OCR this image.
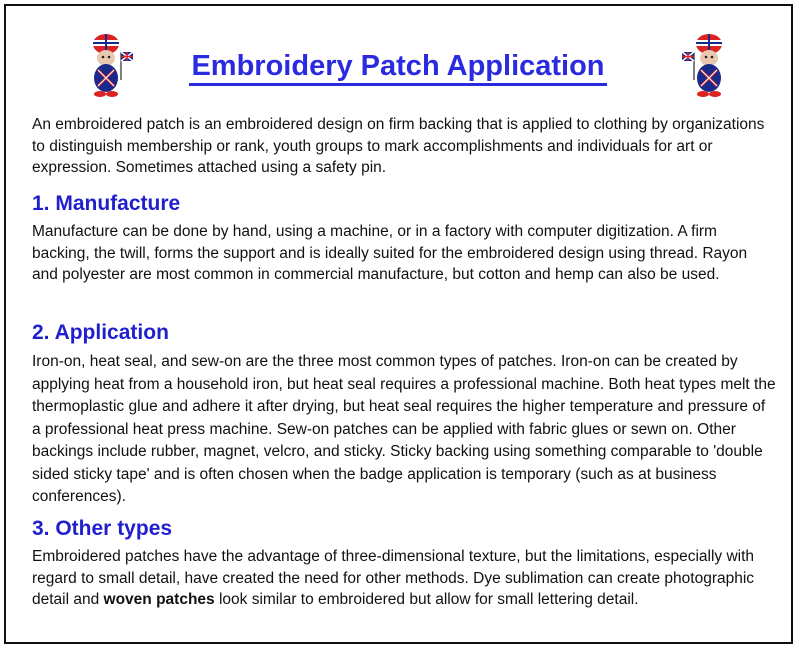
Embroidery Patch Application
An embroidered patch is an embroidered design on firm backing that is applied to clothing by organizations to distinguish membership or rank, youth groups to mark accomplishments and individuals for art or expression. Sometimes attached using a safety pin.
1. Manufacture
Manufacture can be done by hand, using a machine, or in a factory with computer digitization. A firm backing, the twill, forms the support and is ideally suited for the embroidered design using thread. Rayon and polyester are most common in commercial manufacture, but cotton and hemp can also be used.
2. Application
Iron-on, heat seal, and sew-on are the three most common types of patches. Iron-on can be created by applying heat from a household iron, but heat seal requires a professional machine. Both heat types melt the thermoplastic glue and adhere it after drying, but heat seal requires the higher temperature and pressure of a professional heat press machine. Sew-on patches can be applied with fabric glues or sewn on. Other backings include rubber, magnet, velcro, and sticky. Sticky backing using something comparable to 'double sided sticky tape' and is often chosen when the badge application is temporary (such as at business conferences).
3. Other types
Embroidered patches have the advantage of three-dimensional texture, but the limitations, especially with regard to small detail, have created the need for other methods. Dye sublimation can create photographic detail and woven patches look similar to embroidered but allow for small lettering detail.
